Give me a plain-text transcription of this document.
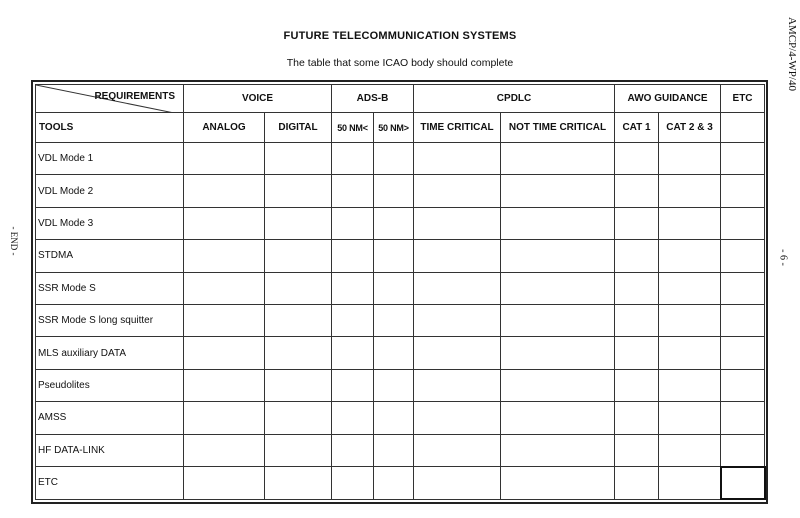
FUTURE TELECOMMUNICATION SYSTEMS
The table that some ICAO body should complete	AMCP/4-WP/40
- 6 -
- END -
REQUIREMENTS	VOICE		ADS-B		CPDLC		AWO GUIDANCE		ETC
TOOLS	ANALOG	DIGITAL	50 NM<	50 NM>	TIME CRITICAL	NOT TIME CRITICAL	CAT 1	CAT 2 & 3	
VDL Mode 1									
VDL Mode 2									
VDL Mode 3									
STDMA									
SSR Mode S									
SSR Mode S long squitter									
MLS auxiliary DATA									
Pseudolites									
AMSS									
HF DATA-LINK									
ETC									
